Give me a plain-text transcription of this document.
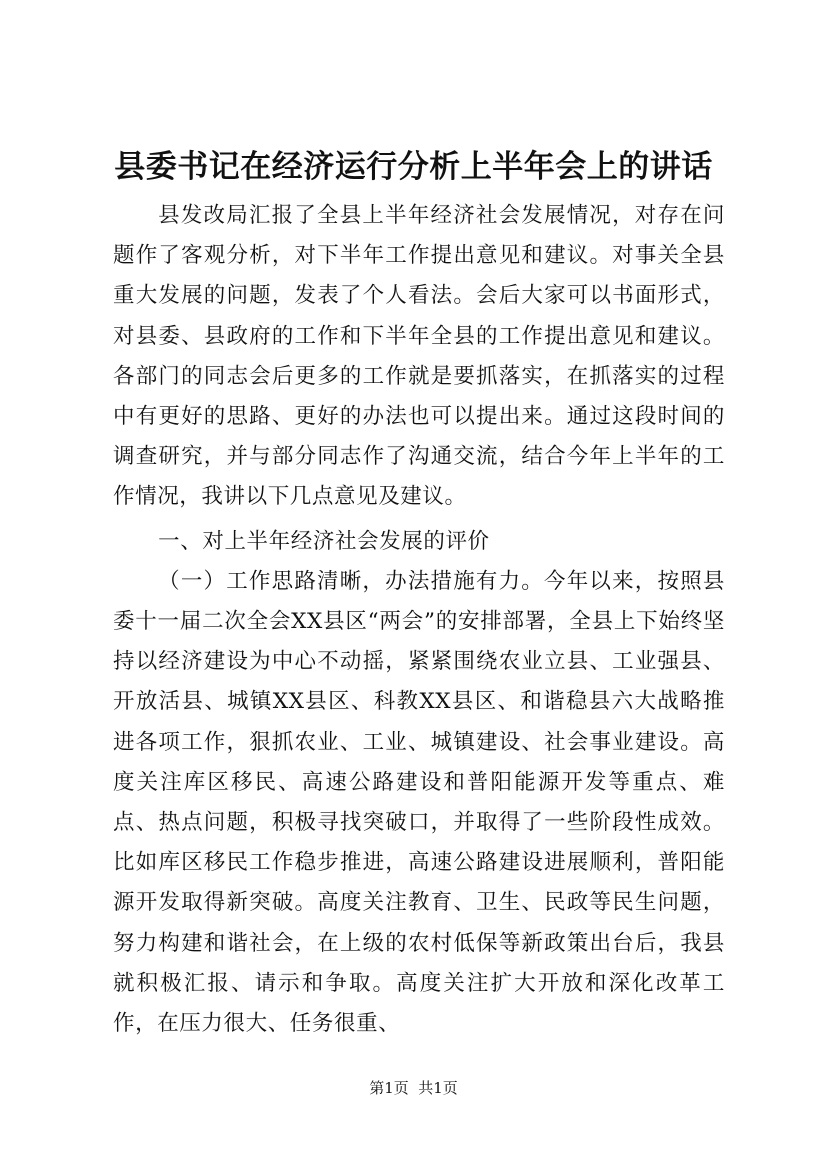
县委书记在经济运行分析上半年会上的讲话

县发改局汇报了全县上半年经济社会发展情况，对存在问题作了客观分析，对下半年工作提出意见和建议。对事关全县重大发展的问题，发表了个人看法。会后大家可以书面形式，对县委、县政府的工作和下半年全县的工作提出意见和建议。各部门的同志会后更多的工作就是要抓落实，在抓落实的过程中有更好的思路、更好的办法也可以提出来。通过这段时间的调查研究，并与部分同志作了沟通交流，结合今年上半年的工作情况，我讲以下几点意见及建议。

一、对上半年经济社会发展的评价

（一）工作思路清晰，办法措施有力。今年以来，按照县委十一届二次全会XX县区“两会”的安排部署，全县上下始终坚持以经济建设为中心不动摇，紧紧围绕农业立县、工业强县、开放活县、城镇XX县区、科教XX县区、和谐稳县六大战略推进各项工作，狠抓农业、工业、城镇建设、社会事业建设。高度关注库区移民、高速公路建设和普阳能源开发等重点、难点、热点问题，积极寻找突破口，并取得了一些阶段性成效。比如库区移民工作稳步推进，高速公路建设进展顺利，普阳能源开发取得新突破。高度关注教育、卫生、民政等民生问题，努力构建和谐社会，在上级的农村低保等新政策出台后，我县就积极汇报、请示和争取。高度关注扩大开放和深化改革工作，在压力很大、任务很重、

第1页  共1页
